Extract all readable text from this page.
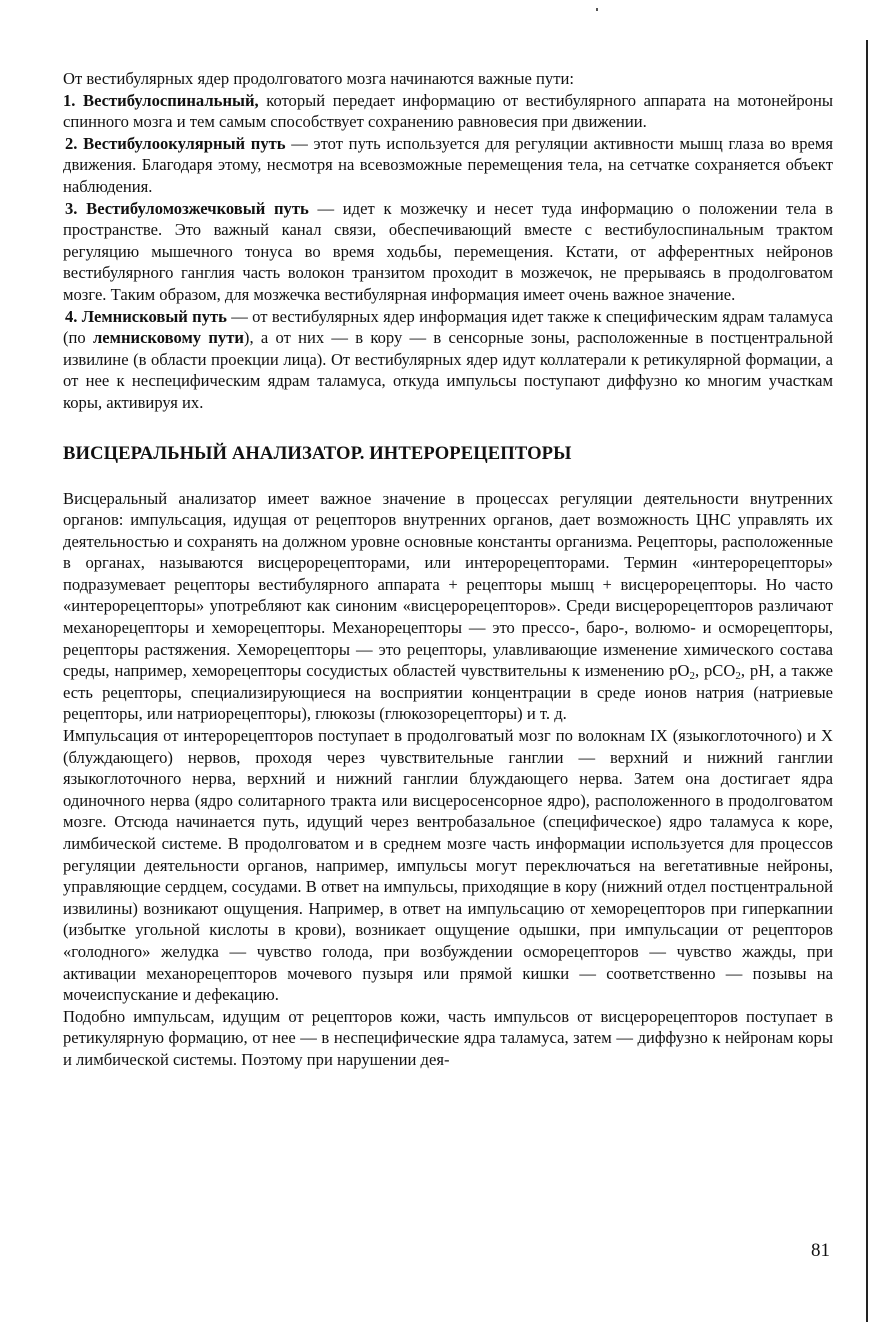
От вестибулярных ядер продолговатого мозга начинаются важные пути:

1. Вестибулоспинальный, который передает информацию от вестибулярного аппарата на мотонейроны спинного мозга и тем самым способствует сохранению равновесия при движении.

2. Вестибулоокулярный путь — этот путь используется для регуляции активности мышц глаза во время движения. Благодаря этому, несмотря на всевозможные перемещения тела, на сетчатке сохраняется объект наблюдения.

3. Вестибуломозжечковый путь — идет к мозжечку и несет туда информацию о положении тела в пространстве. Это важный канал связи, обеспечивающий вместе с вестибулоспинальным трактом регуляцию мышечного тонуса во время ходьбы, перемещения. Кстати, от афферентных нейронов вестибулярного ганглия часть волокон транзитом проходит в мозжечок, не прерываясь в продолговатом мозге. Таким образом, для мозжечка вестибулярная информация имеет очень важное значение.

4. Лемнисковый путь — от вестибулярных ядер информация идет также к специфическим ядрам таламуса (по лемнисковому пути), а от них — в кору — в сенсорные зоны, расположенные в постцентральной извилине (в области проекции лица). От вестибулярных ядер идут коллатерали к ретикулярной формации, а от нее к неспецифическим ядрам таламуса, откуда импульсы поступают диффузно ко многим участкам коры, активируя их.

ВИСЦЕРАЛЬНЫЙ АНАЛИЗАТОР. ИНТЕРОРЕЦЕПТОРЫ

Висцеральный анализатор имеет важное значение в процессах регуляции деятельности внутренних органов: импульсация, идущая от рецепторов внутренних органов, дает возможность ЦНС управлять их деятельностью и сохранять на должном уровне основные константы организма. Рецепторы, расположенные в органах, называются висцерорецепторами, или интерорецепторами. Термин «интерорецепторы» подразумевает рецепторы вестибулярного аппарата + рецепторы мышц + висцерорецепторы. Но часто «интерорецепторы» употребляют как синоним «висцерорецепторов». Среди висцерорецепторов различают механорецепторы и хеморецепторы. Механорецепторы — это прессо-, баро-, волюмо- и осморецепторы, рецепторы растяжения. Хеморецепторы — это рецепторы, улавливающие изменение химического состава среды, например, хеморецепторы сосудистых областей чувствительны к изменению $pO_2$, pCO$_2$, pH, а также есть рецепторы, специализирующиеся на восприятии концентрации в среде ионов натрия (натриевые рецепторы, или натриорецепторы), глюкозы (глюкозорецепторы) и т. д.

Импульсация от интерорецепторов поступает в продолговатый мозг по волокнам IX (языкоглоточного) и X (блуждающего) нервов, проходя через чувствительные ганглии — верхний и нижний ганглии языкоглоточного нерва, верхний и нижний ганглии блуждающего нерва. Затем она достигает ядра одиночного нерва (ядро солитарного тракта или висцеросенсорное ядро), расположенного в продолговатом мозге. Отсюда начинается путь, идущий через вентробазальное (специфическое) ядро таламуса к коре, лимбической системе. В продолговатом и в среднем мозге часть информации используется для процессов регуляции деятельности органов, например, импульсы могут переключаться на вегетативные нейроны, управляющие сердцем, сосудами. В ответ на импульсы, приходящие в кору (нижний отдел постцентральной извилины) возникают ощущения. Например, в ответ на импульсацию от хеморецепторов при гиперкапнии (избытке угольной кислоты в крови), возникает ощущение одышки, при импульсации от рецепторов «голодного» желудка — чувство голода, при возбуждении осморецепторов — чувство жажды, при активации механорецепторов мочевого пузыря или прямой кишки — соответственно — позывы на мочеиспускание и дефекацию.

Подобно импульсам, идущим от рецепторов кожи, часть импульсов от висцерорецепторов поступает в ретикулярную формацию, от нее — в неспецифические ядра таламуса, затем — диффузно к нейронам коры и лимбической системы. Поэтому при нарушении дея-

81
